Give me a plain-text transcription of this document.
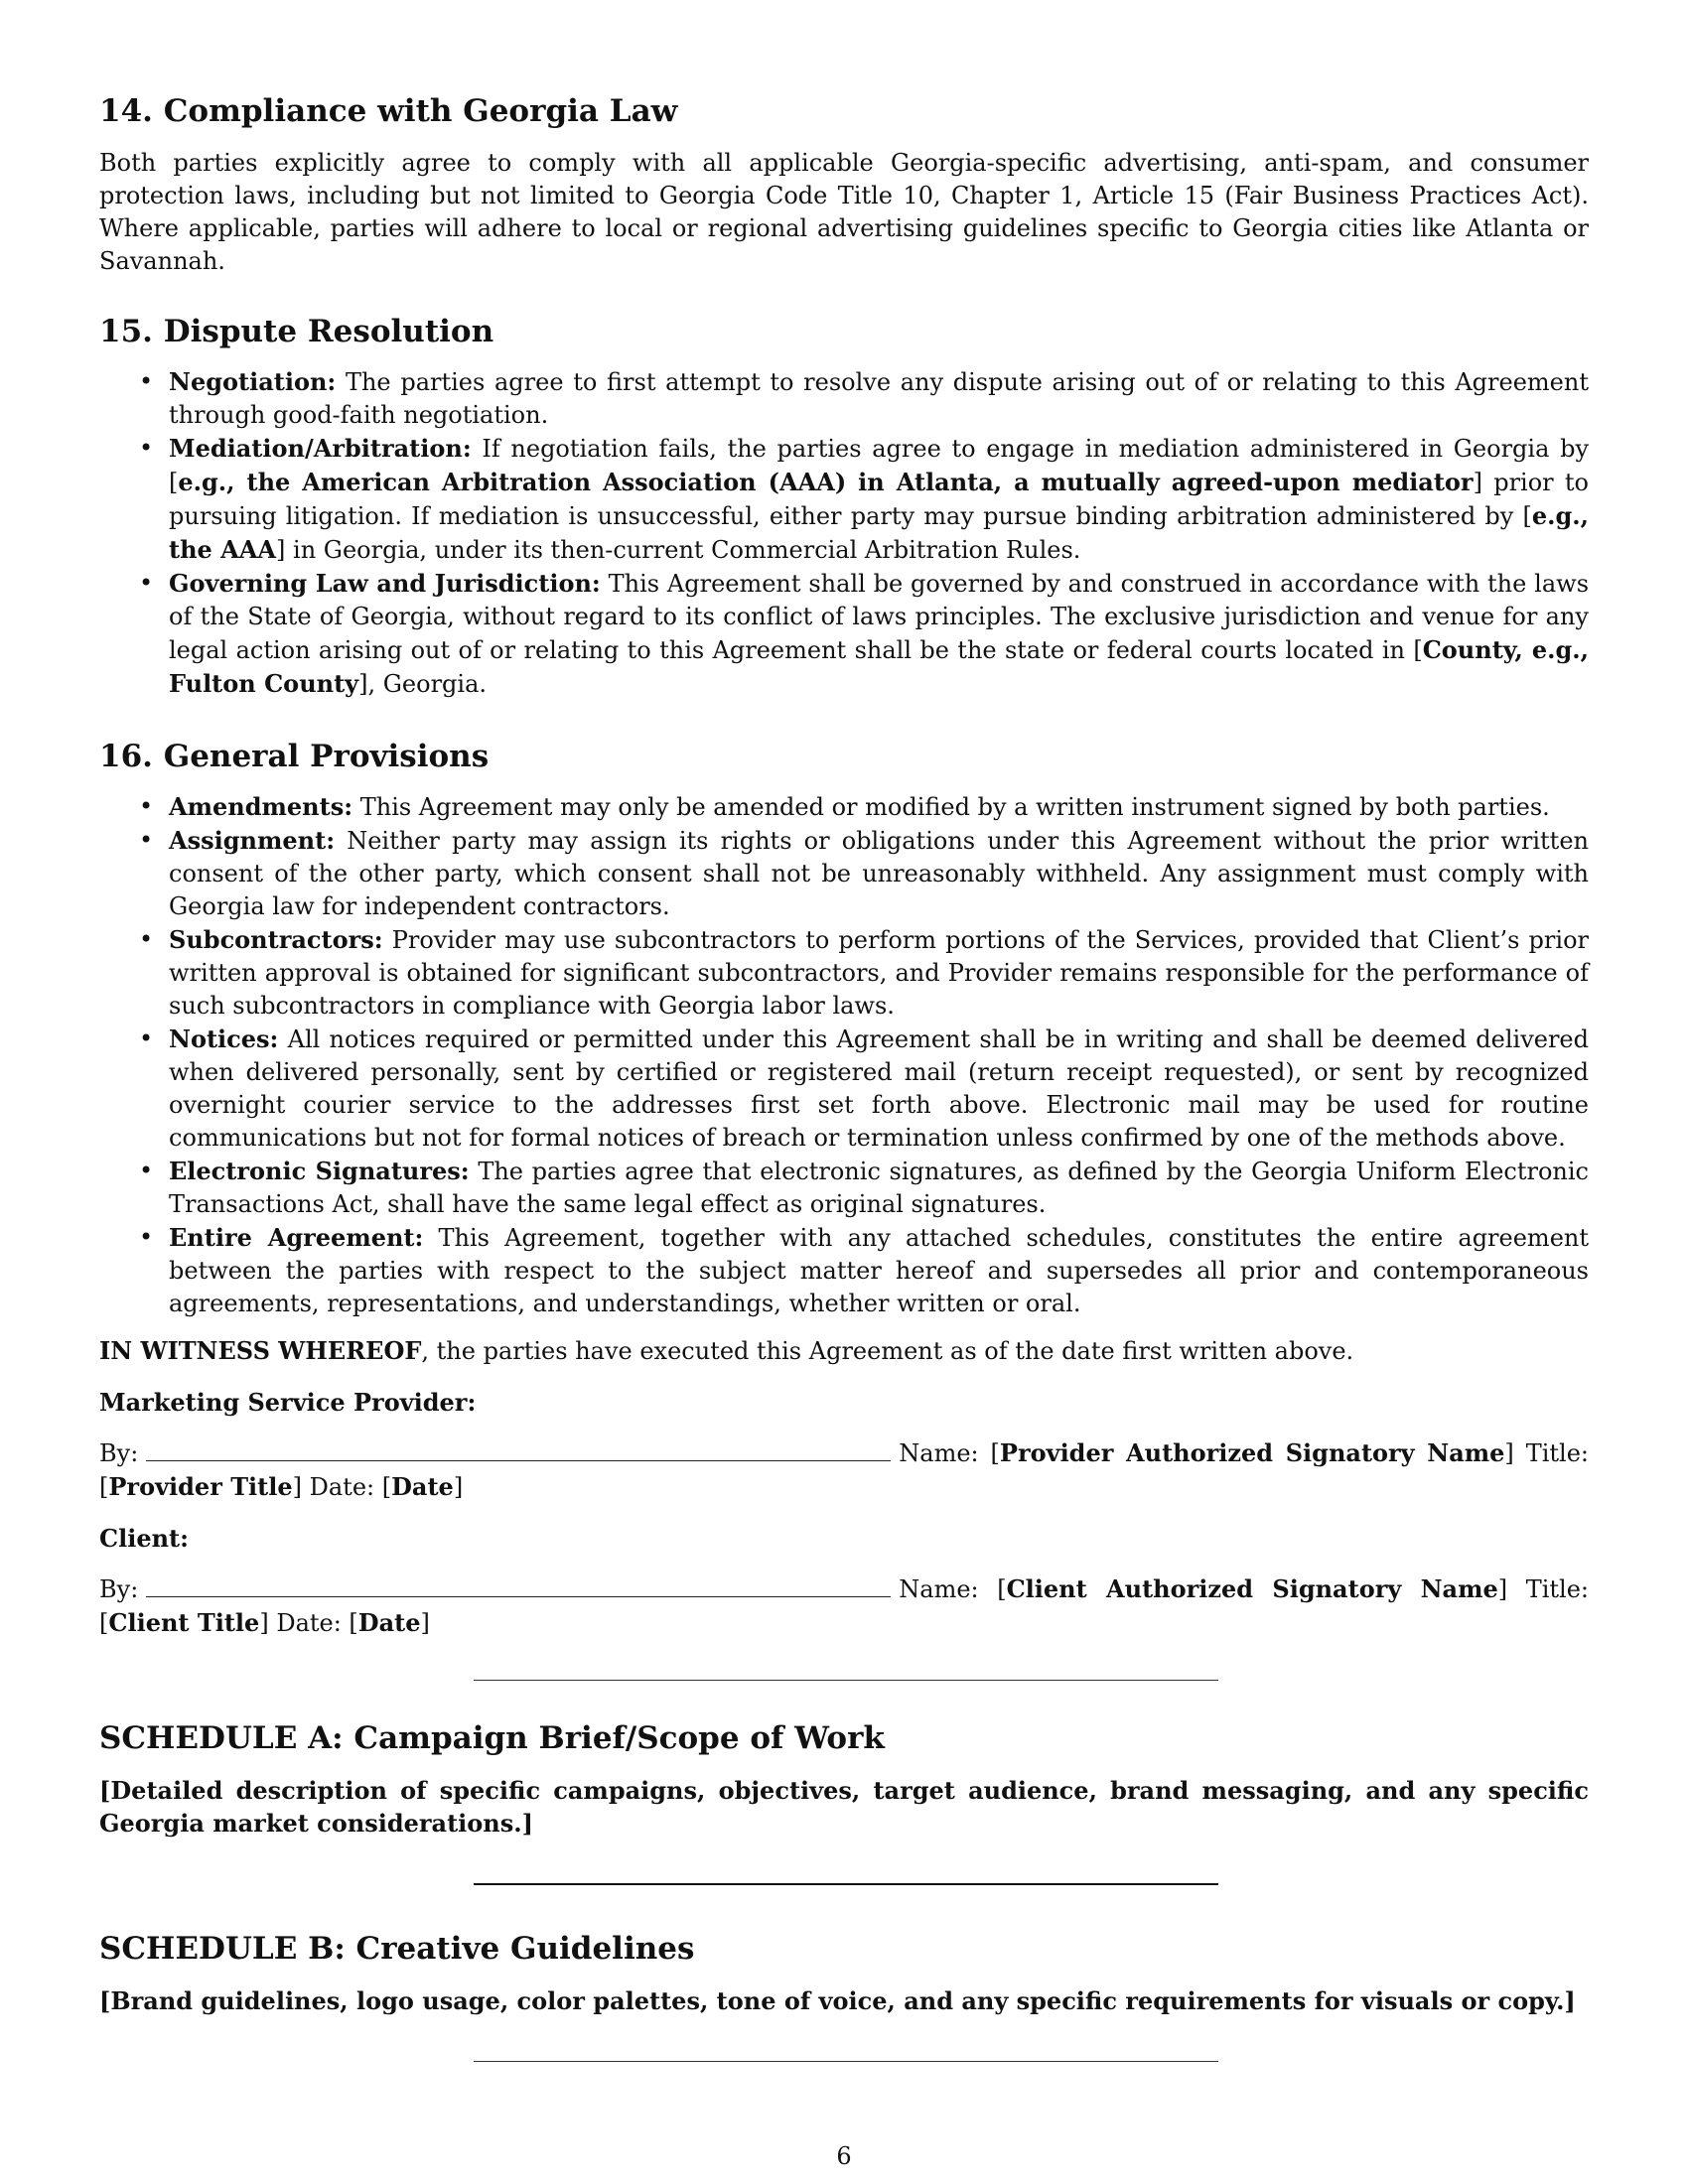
14. Compliance with Georgia Law

Both parties explicitly agree to comply with all applicable Georgia-specific advertising, anti-spam, and consumer protection laws, including but not limited to Georgia Code Title 10, Chapter 1, Article 15 (Fair Business Practices Act). Where applicable, parties will adhere to local or regional advertising guidelines specific to Georgia cities like Atlanta or Savannah.

15. Dispute Resolution
• Negotiation: The parties agree to first attempt to resolve any dispute arising out of or relating to this Agreement through good-faith negotiation.
• Mediation/Arbitration: If negotiation fails, the parties agree to engage in mediation administered in Georgia by [e.g., the American Arbitration Association (AAA) in Atlanta, a mutually agreed-upon mediator] prior to pursuing litigation. If mediation is unsuccessful, either party may pursue binding arbitration administered by [e.g., the AAA] in Georgia, under its then-current Commercial Arbitration Rules.
• Governing Law and Jurisdiction: This Agreement shall be governed by and construed in accordance with the laws of the State of Georgia, without regard to its conflict of laws principles. The exclusive jurisdiction and venue for any legal action arising out of or relating to this Agreement shall be the state or federal courts located in [County, e.g., Fulton County], Georgia.
16. General Provisions
• Amendments: This Agreement may only be amended or modified by a written instrument signed by both parties.
• Assignment: Neither party may assign its rights or obligations under this Agreement without the prior written consent of the other party, which consent shall not be unreasonably withheld. Any assignment must comply with Georgia law for independent contractors.
• Subcontractors: Provider may use subcontractors to perform portions of the Services, provided that Client’s prior written approval is obtained for significant subcontractors, and Provider remains responsible for the performance of such subcontractors in compliance with Georgia labor laws.
• Notices: All notices required or permitted under this Agreement shall be in writing and shall be deemed delivered when delivered personally, sent by certified or registered mail (return receipt requested), or sent by recognized overnight courier service to the addresses first set forth above. Electronic mail may be used for routine communications but not for formal notices of breach or termination unless confirmed by one of the methods above.
• Electronic Signatures: The parties agree that electronic signatures, as defined by the Georgia Uniform Electronic Transactions Act, shall have the same legal effect as original signatures.
• Entire Agreement: This Agreement, together with any attached schedules, constitutes the entire agreement between the parties with respect to the subject matter hereof and supersedes all prior and contemporaneous agreements, representations, and understandings, whether written or oral.

IN WITNESS WHEREOF, the parties have executed this Agreement as of the date first written above.

Marketing Service Provider:

By:	Name: [Provider Authorized Signatory Name] Title: [Provider Title] Date: [Date]

Client:

By:	Name: [Client Authorized Signatory Name] Title: [Client Title] Date: [Date]

SCHEDULE A: Campaign Brief/Scope of Work

[Detailed description of specific campaigns, objectives, target audience, brand messaging, and any specific Georgia market considerations.]

SCHEDULE B: Creative Guidelines

[Brand guidelines, logo usage, color palettes, tone of voice, and any specific requirements for visuals or copy.]

6
